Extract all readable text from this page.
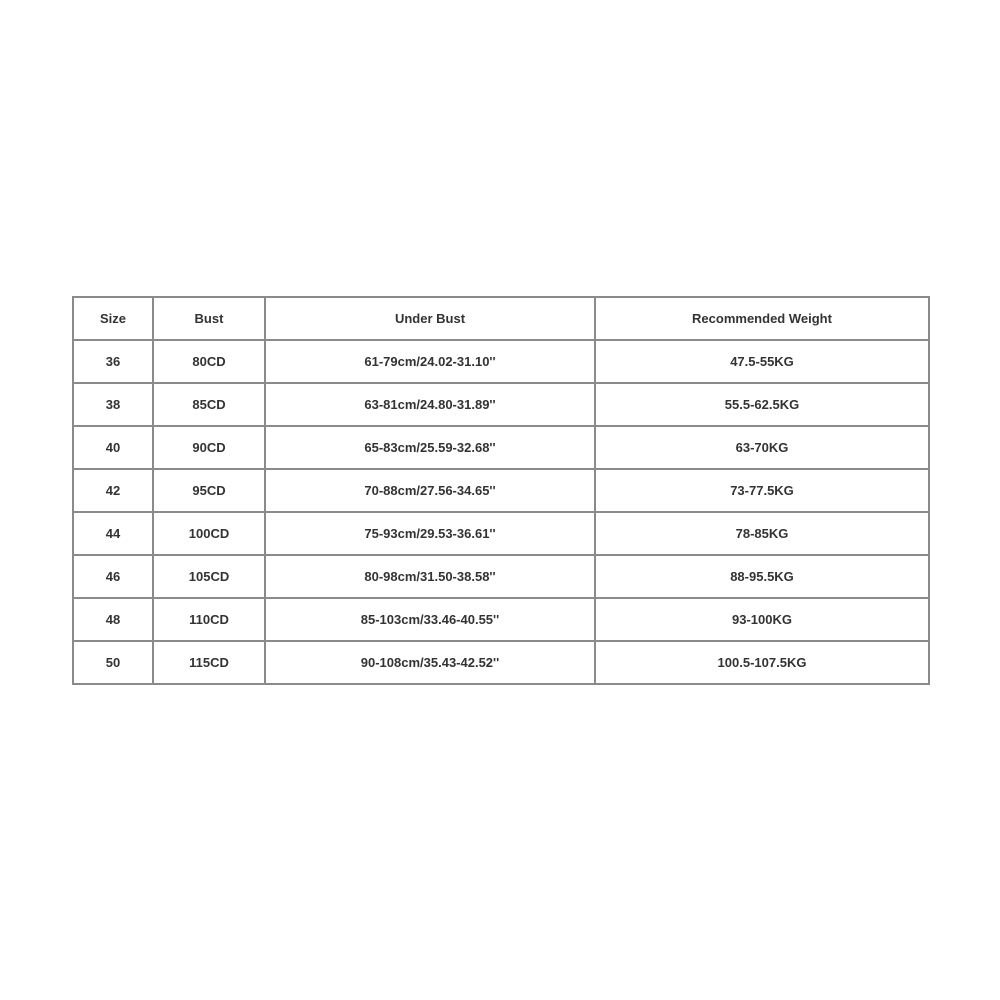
Size	Bust	Under Bust	Recommended Weight
36	80CD	61-79cm/24.02-31.10''	47.5-55KG
38	85CD	63-81cm/24.80-31.89''	55.5-62.5KG
40	90CD	65-83cm/25.59-32.68''	63-70KG
42	95CD	70-88cm/27.56-34.65''	73-77.5KG
44	100CD	75-93cm/29.53-36.61''	78-85KG
46	105CD	80-98cm/31.50-38.58''	88-95.5KG
48	110CD	85-103cm/33.46-40.55''	93-100KG
50	115CD	90-108cm/35.43-42.52''	100.5-107.5KG
